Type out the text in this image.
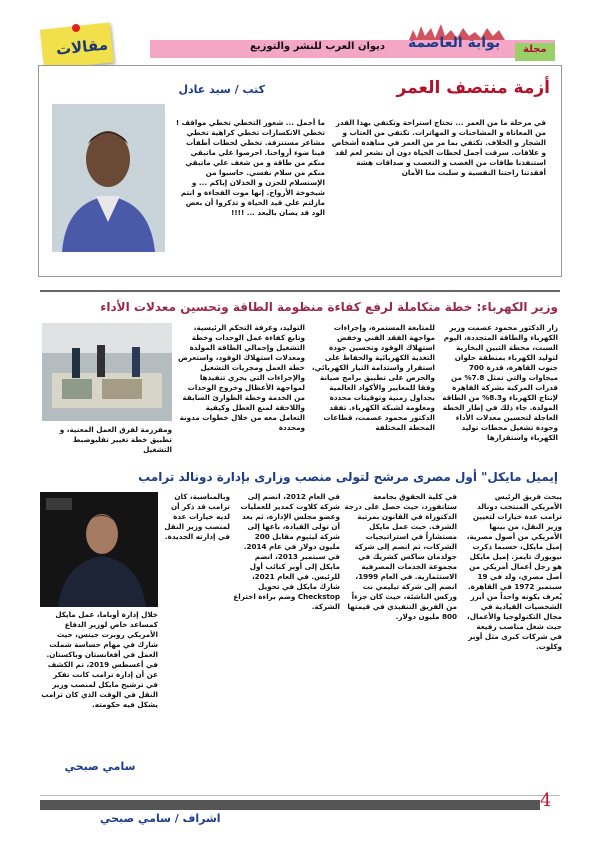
ديوان العرب للنشر والتوزيع بوابة العاصمة مجلة
مقالات
أزمة منتصف العمر
كتب / سيد عادل
في مرحلة ما من العمر ... نحتاج استراحة وتكتفي بهذا القدر من المعاناة و المشاحنات و المهاترات. تكتفي من العتاب و الشجار و الخلاف. تكتفي بما مر من العمر في مناهدة أشخاص و علاقات. سرقت أجمل لحظات الحياة دون أن نشعر لعم لقد استنفذنا طاقات من الغضب و التعصب و صداقات هشة أفقدتنا راحتنا النفسية و سلبت منا الأمان
ما أجمل ... شعور التخطي تخطي مواقف ! تخطي الانكسارات تخطي كراهية تخطي مشاعر مستنزفة. تخطي لحظات أطفأت فينا ضوء أرواحنا. احرصوا علي ماتبقي منكم من طاقة و من شغف علي ماتبقي منكم من سلام نفسي. حاسبوا من الإستسلام للحزن و الخذلان إياكم ... و شيخوخة الأرواح. إنها موت الفجاءة و انتم مازلتم علي قيد الحياة و تذكروا أن بعض الود قد يصان بالبعد ... !!!!
وزير الكهرباء: خطة متكاملة لرفع كفاءة منظومة الطاقة وتحسين معدلات الأداء
زار الدكتور محمود عصمت وزير الكهرباء والطاقة المتجددة، اليوم السبت، محطة التبين البخارية لتوليد الكهرباء بمنطقة حلوان جنوب القاهرة، قدرة 700 ميجاوات والتي تمثل 7.8% من قدرات المركبة بشركة القاهرة لإنتاج الكهرباء و8.3% من الطاقة المولدة. جاء ذلك في إطار الخطة العاجلة لتحسين معدلات الأداء وجودة تشغيل محطات توليد الكهرباء واستقرارها
للمتابعة المستمرة، وإجراءات مواجهة الفقد الفني وخفض استهلاك الوقود وتحسين جودة التغذية الكهربائية والحفاظ على استقرار واستدامة التيار الكهربائي، والحرص على تطبيق برامج صيانة وفقا للمعايير والأكواد العالمية بجداول زمنية وتوقيتات محددة ومعلومة لشبكة الكهرباء. تفقد الدكتور محمود عصمت، قطاعات المحطة المختلفة
التوليد، وغرفة التحكم الرئيسية، وتابع كفاءة عمل الوحدات وخطة التشغيل وإجمالي الطاقة المولدة ومعدلات استهلاك الوقود، واستعرض خطة العمل ومجريات التشغيل والإجراءات التي يجري تنفيذها لمواجهة الأعطال وخروج الوحدات من الخدمة وخطة الطوارئ السابقة واللاحقة لمنع العطل وكيفية التعامل معه من خلال خطوات مدونة ومحددة
ومفرزمة لفرق العمل المعنية، و تطبيق خطة تغيير تقلبوضبط التشغيل
إيميل مايكل" أول مصرى مرشح لتولى منصب وزارى بإدارة دونالد ترامب
يبحث فريق الرئيس الأمريكي المنتخب دونالد ترامب عدة خيارات لتعيين وزير النقل، من بينها الأمريكي من أصول مصرية، إميل مايكل، حسبما ذكرت نيويورك تايمز. إميل مايكل هو رجل أعمال أمريكي من أصل مصري، ولد في 19 سبتمبر 1972 في القاهرة. يُعرف بكونه واحداً من أبرز الشخصيات القيادية في مجال التكنولوجيا والأعمال، حيث شغل مناصب رفيعة في شركات كبرى مثل أوبر وكلوت.
في كلية الحقوق بجامعة ستانفورد، حيث حصل على درجة الدكتوراة في القانون بمرتبة الشرف. حيث عمل مايكل مستشاراً في استراتيجيات الشركات، ثم انضم إلى شركة جولدمان ساكس كشريك في مجموعة الخدمات المصرفية الاستثمارية. في العام 1999، انضم إلى شركة تيليمي نت وركس الناشئة، حيث كان جزءاً من الفريق التنفيذي في قيمتها 800 مليون دولار.
في العام 2012، انضم إلى شركة كلاوت كمدير للعمليات وعضو مجلس الإدارة، ثم بعد أن تولى القيادة، باعها إلى شركة ليثيوم مقابل 200 مليون دولار في عام 2014. في سبتمبر 2013، انضم مايكل إلى أوبر كنائب أول للرئيس. في العام 2021، شارك مايكل في تحويل Checkstop وضم براءة اختراع الشركة.
وبالمناسبة، كان ترامب قد ذكر أن لديه خيارات عدة لمنصب وزير النقل في إدارته الجديدة.
خلال إدارة أوباما، عمل مايكل كمساعد خاص لوزير الدفاع الأمريكي روبرت جيتس، حيث شارك في مهام حساسة شملت العمل في أفغانستان وباكستان. في أغسطس 2019، تم الكشف عن أن إدارة ترامب كانت تفكر في ترشيح مايكل لمنصب وزير النقل في الوقت الذي كان ترامب يشكل فيه حكومته.
سامي صبحي
4
اشراف / سامي صبحي
